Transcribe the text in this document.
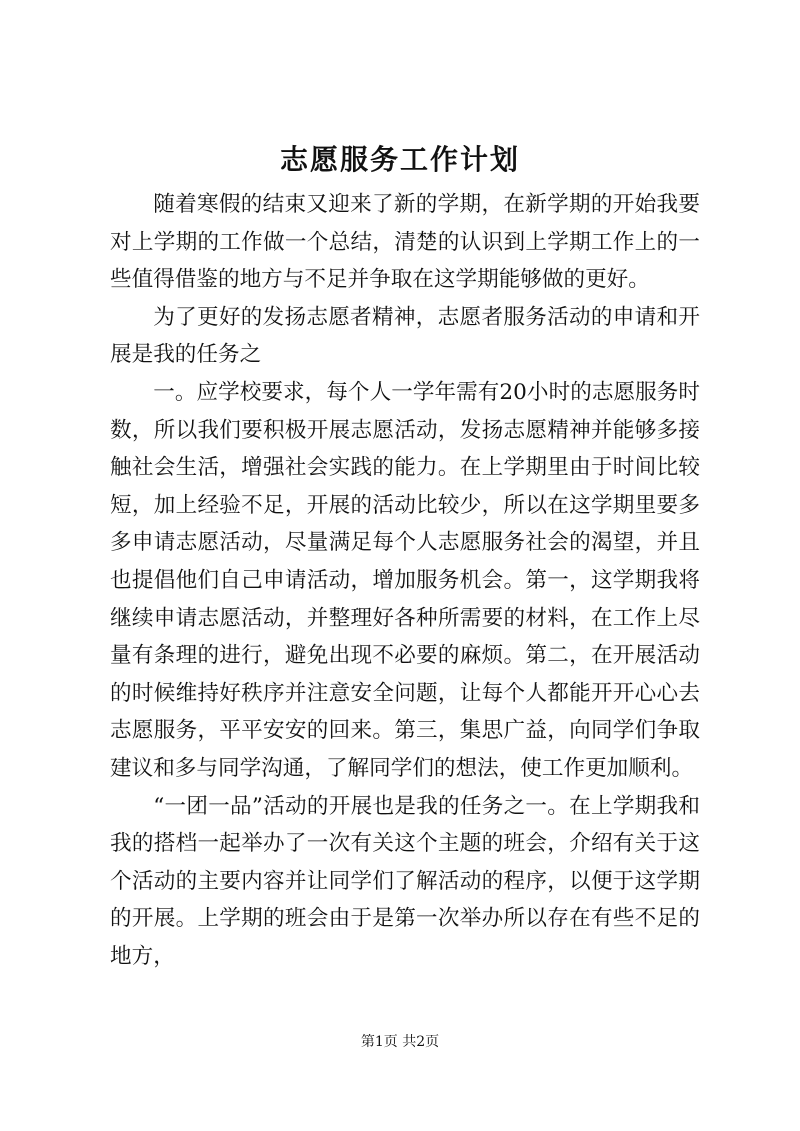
志愿服务工作计划

随着寒假的结束又迎来了新的学期，在新学期的开始我要对上学期的工作做一个总结，清楚的认识到上学期工作上的一些值得借鉴的地方与不足并争取在这学期能够做的更好。

为了更好的发扬志愿者精神，志愿者服务活动的申请和开展是我的任务之

一。应学校要求，每个人一学年需有20小时的志愿服务时数，所以我们要积极开展志愿活动，发扬志愿精神并能够多接触社会生活，增强社会实践的能力。在上学期里由于时间比较短，加上经验不足，开展的活动比较少，所以在这学期里要多多申请志愿活动，尽量满足每个人志愿服务社会的渴望，并且也提倡他们自己申请活动，增加服务机会。第一，这学期我将继续申请志愿活动，并整理好各种所需要的材料，在工作上尽量有条理的进行，避免出现不必要的麻烦。第二，在开展活动的时候维持好秩序并注意安全问题，让每个人都能开开心心去志愿服务，平平安安的回来。第三，集思广益，向同学们争取建议和多与同学沟通，了解同学们的想法，使工作更加顺利。

“一团一品”活动的开展也是我的任务之一。在上学期我和我的搭档一起举办了一次有关这个主题的班会，介绍有关于这个活动的主要内容并让同学们了解活动的程序，以便于这学期的开展。上学期的班会由于是第一次举办所以存在有些不足的地方，

第1页 共2页
